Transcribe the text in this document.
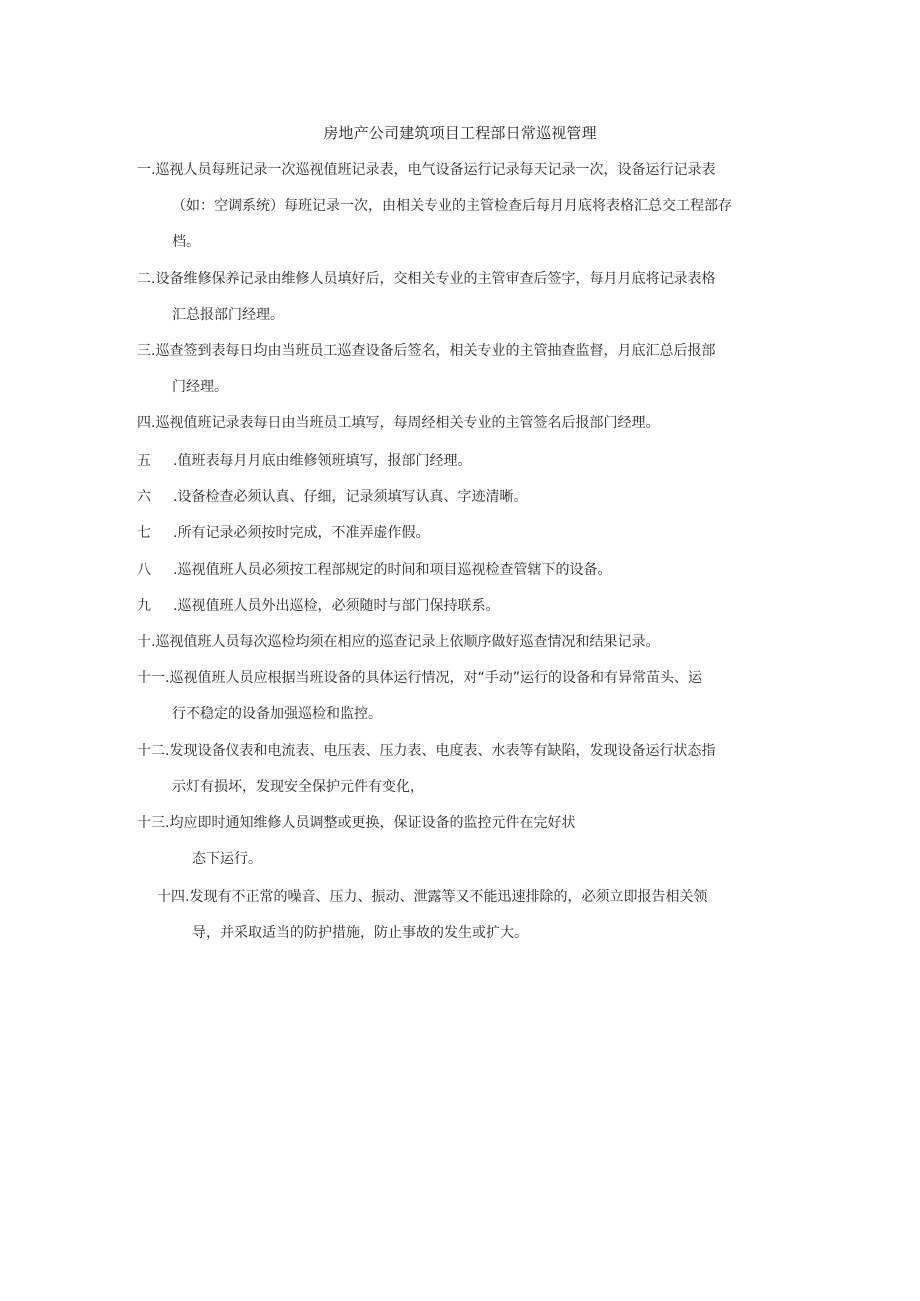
房地产公司建筑项目工程部日常巡视管理
一.巡视人员每班记录一次巡视值班记录表，电气设备运行记录每天记录一次，设备运行记录表
（如：空调系统）每班记录一次，由相关专业的主管检查后每月月底将表格汇总交工程部存
档。
二.设备维修保养记录由维修人员填好后，交相关专业的主管审查后签字，每月月底将记录表格
汇总报部门经理。
三.巡查签到表每日均由当班员工巡查设备后签名，相关专业的主管抽查监督，月底汇总后报部
门经理。
四.巡视值班记录表每日由当班员工填写，每周经相关专业的主管签名后报部门经理。
五 .值班表每月月底由维修领班填写，报部门经理。
六 .设备检查必须认真、仔细，记录须填写认真、字迹清晰。
七 .所有记录必须按时完成，不准弄虚作假。
八 .巡视值班人员必须按工程部规定的时间和项目巡视检查管辖下的设备。
九 .巡视值班人员外出巡检，必须随时与部门保持联系。
十.巡视值班人员每次巡检均须在相应的巡查记录上依顺序做好巡查情况和结果记录。
十一.巡视值班人员应根据当班设备的具体运行情况，对“手动”运行的设备和有异常苗头、运
行不稳定的设备加强巡检和监控。
十二.发现设备仪表和电流表、电压表、压力表、电度表、水表等有缺陷，发现设备运行状态指
示灯有损坏，发现安全保护元件有变化，
十三.均应即时通知维修人员调整或更换，保证设备的监控元件在完好状
态下运行。
十四.发现有不正常的噪音、压力、振动、泄露等又不能迅速排除的，必须立即报告相关领
导，并采取适当的防护措施，防止事故的发生或扩大。
